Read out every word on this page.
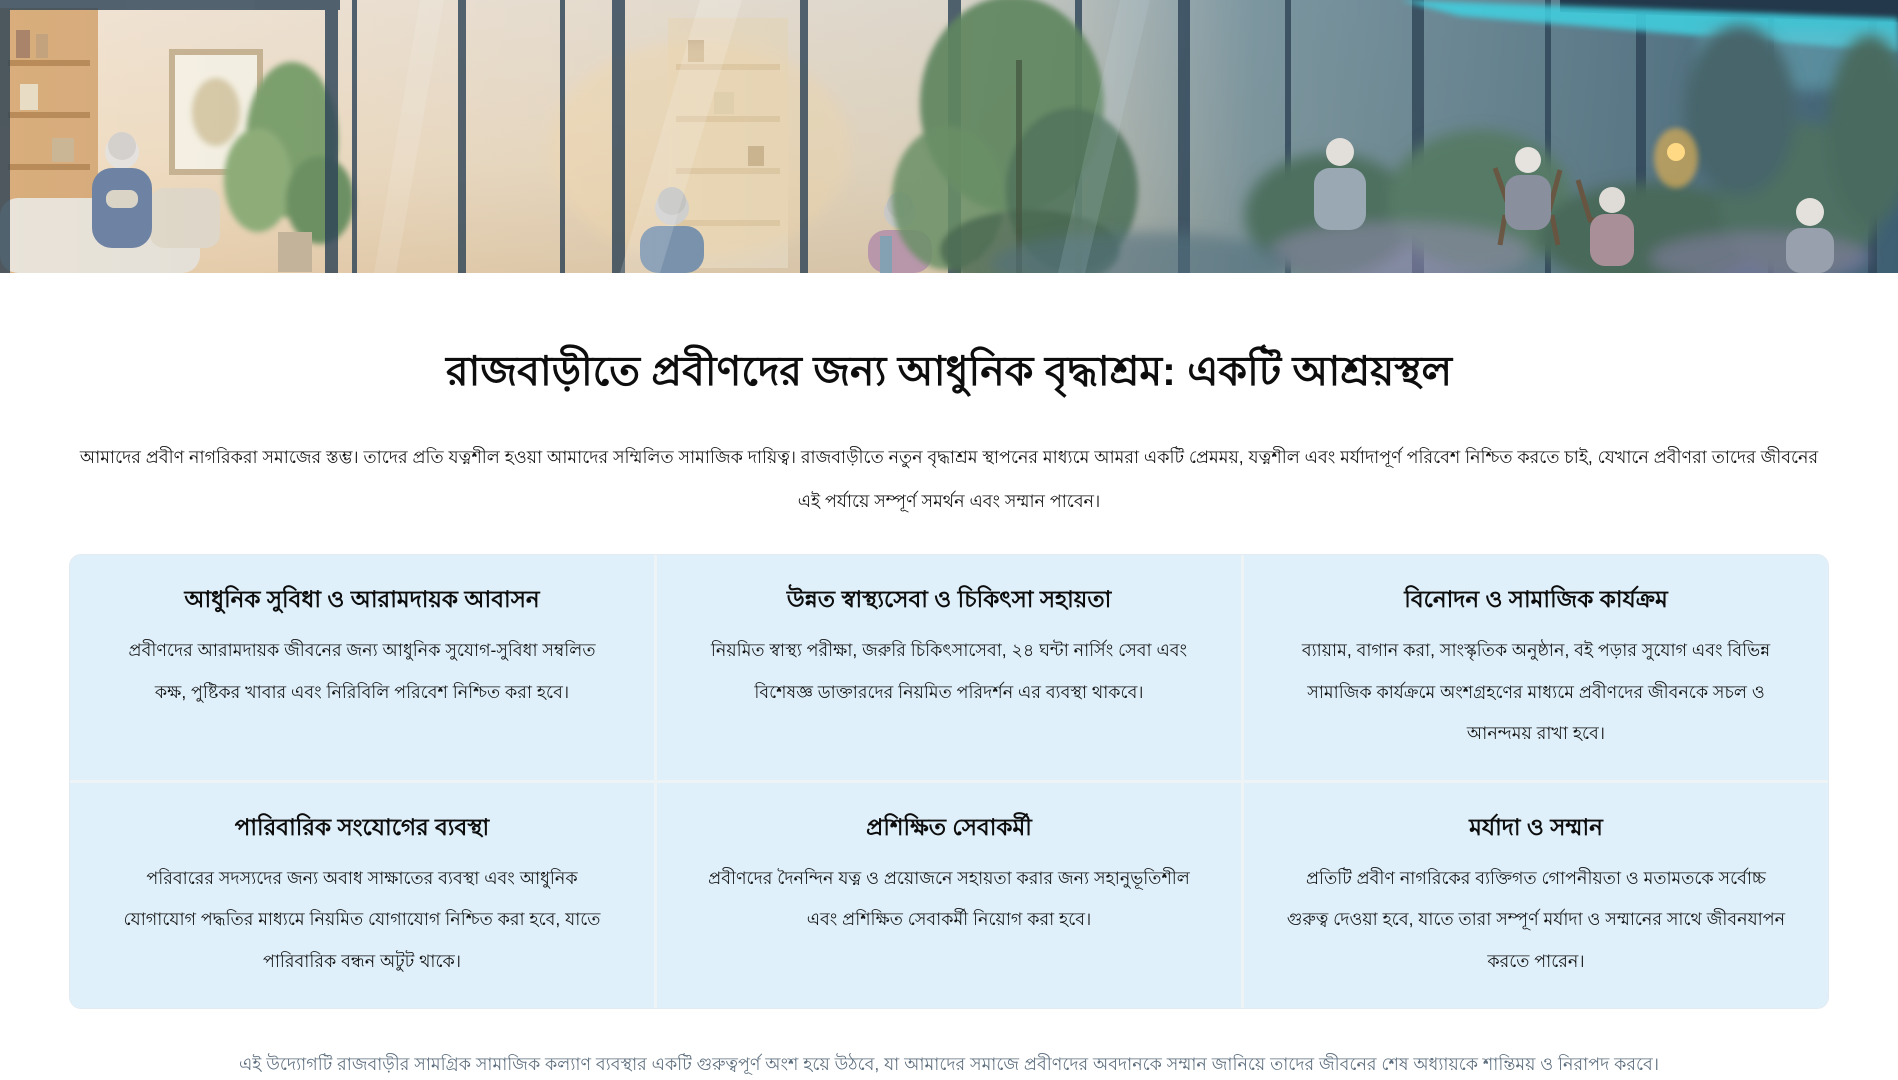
রাজবাড়ীতে প্রবীণদের জন্য আধুনিক বৃদ্ধাশ্রম: একটি আশ্রয়স্থল

আমাদের প্রবীণ নাগরিকরা সমাজের স্তম্ভ। তাদের প্রতি যত্নশীল হওয়া আমাদের সম্মিলিত সামাজিক দায়িত্ব। রাজবাড়ীতে নতুন বৃদ্ধাশ্রম স্থাপনের মাধ্যমে আমরা একটি প্রেমময়, যত্নশীল এবং মর্যাদাপূর্ণ পরিবেশ নিশ্চিত করতে চাই, যেখানে প্রবীণরা তাদের জীবনের এই পর্যায়ে সম্পূর্ণ সমর্থন এবং সম্মান পাবেন।

আধুনিক সুবিধা ও আরামদায়ক আবাসন

প্রবীণদের আরামদায়ক জীবনের জন্য আধুনিক সুযোগ-সুবিধা সম্বলিত কক্ষ, পুষ্টিকর খাবার এবং নিরিবিলি পরিবেশ নিশ্চিত করা হবে।

উন্নত স্বাস্থ্যসেবা ও চিকিৎসা সহায়তা

নিয়মিত স্বাস্থ্য পরীক্ষা, জরুরি চিকিৎসাসেবা, ২৪ ঘন্টা নার্সিং সেবা এবং বিশেষজ্ঞ ডাক্তারদের নিয়মিত পরিদর্শন এর ব্যবস্থা থাকবে।

বিনোদন ও সামাজিক কার্যক্রম

ব্যায়াম, বাগান করা, সাংস্কৃতিক অনুষ্ঠান, বই পড়ার সুযোগ এবং বিভিন্ন সামাজিক কার্যক্রমে অংশগ্রহণের মাধ্যমে প্রবীণদের জীবনকে সচল ও আনন্দময় রাখা হবে।

পারিবারিক সংযোগের ব্যবস্থা

পরিবারের সদস্যদের জন্য অবাধ সাক্ষাতের ব্যবস্থা এবং আধুনিক যোগাযোগ পদ্ধতির মাধ্যমে নিয়মিত যোগাযোগ নিশ্চিত করা হবে, যাতে পারিবারিক বন্ধন অটুট থাকে।

প্রশিক্ষিত সেবাকর্মী

প্রবীণদের দৈনন্দিন যত্ন ও প্রয়োজনে সহায়তা করার জন্য সহানুভূতিশীল এবং প্রশিক্ষিত সেবাকর্মী নিয়োগ করা হবে।

মর্যাদা ও সম্মান

প্রতিটি প্রবীণ নাগরিকের ব্যক্তিগত গোপনীয়তা ও মতামতকে সর্বোচ্চ গুরুত্ব দেওয়া হবে, যাতে তারা সম্পূর্ণ মর্যাদা ও সম্মানের সাথে জীবনযাপন করতে পারেন।

এই উদ্যোগটি রাজবাড়ীর সামগ্রিক সামাজিক কল্যাণ ব্যবস্থার একটি গুরুত্বপূর্ণ অংশ হয়ে উঠবে, যা আমাদের সমাজে প্রবীণদের অবদানকে সম্মান জানিয়ে তাদের জীবনের শেষ অধ্যায়কে শান্তিময় ও নিরাপদ করবে।
